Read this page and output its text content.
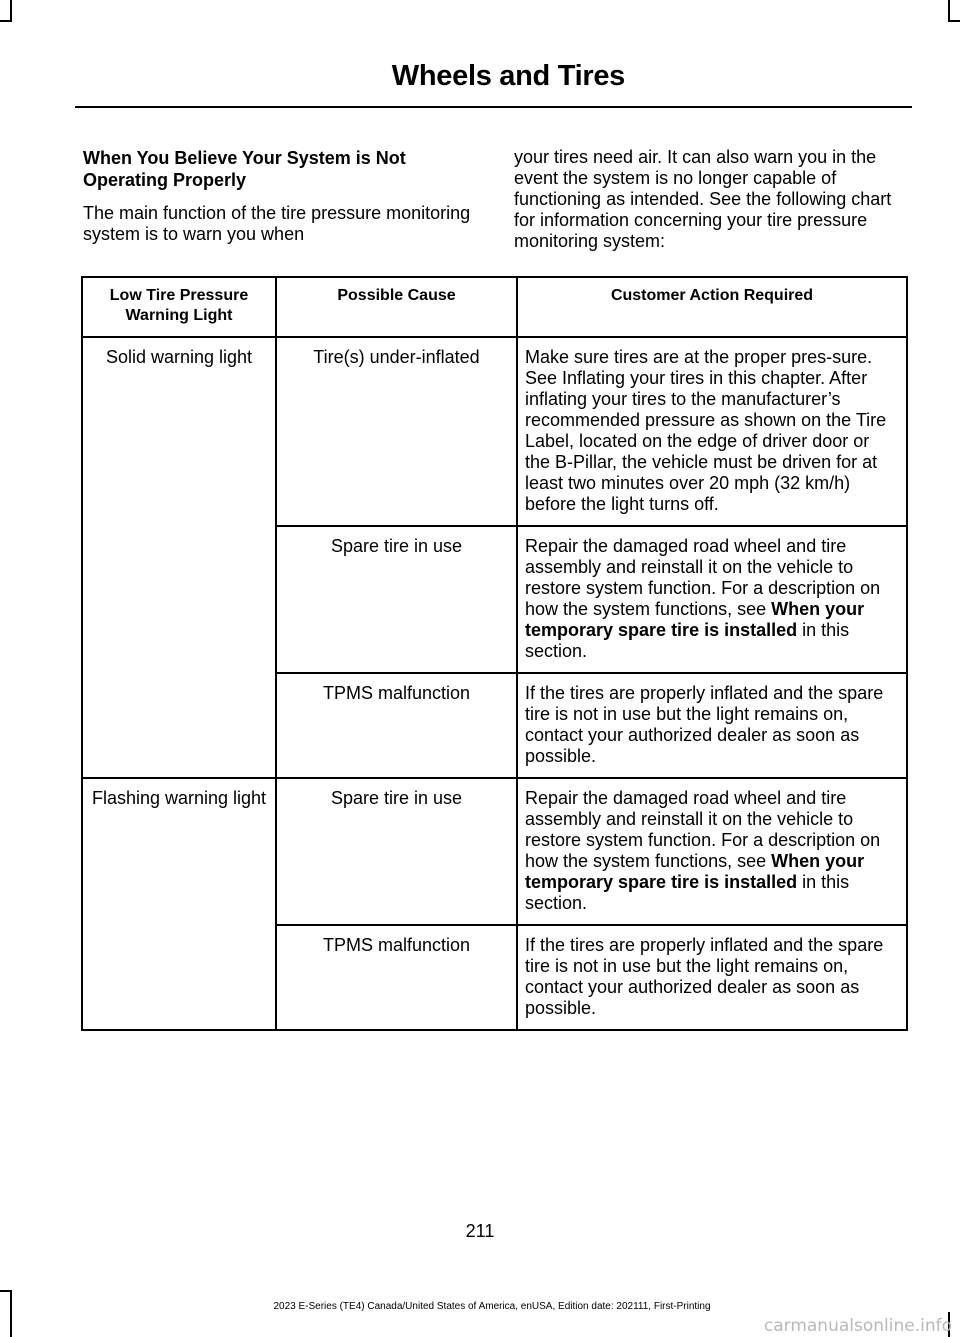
Wheels and Tires

When You Believe Your System is Not Operating Properly

The main function of the tire pressure monitoring system is to warn you when

your tires need air. It can also warn you in the event the system is no longer capable of functioning as intended. See the following chart for information concerning your tire pressure monitoring system:

Low Tire Pressure Warning Light	Possible Cause	Customer Action Required
Solid warning light	Tire(s) under-inflated	Make sure tires are at the proper pres-sure. See Inflating your tires in this chapter. After inflating your tires to the manufacturer’s recommended pressure as shown on the Tire Label, located on the edge of driver door or the B-Pillar, the vehicle must be driven for at least two minutes over 20 mph (32 km/h) before the light turns off.
	Spare tire in use	Repair the damaged road wheel and tire assembly and reinstall it on the vehicle to restore system function. For a description on how the system functions, see When your temporary spare tire is installed in this section.
	TPMS malfunction	If the tires are properly inflated and the spare tire is not in use but the light remains on, contact your authorized dealer as soon as possible.
Flashing warning light	Spare tire in use	Repair the damaged road wheel and tire assembly and reinstall it on the vehicle to restore system function. For a description on how the system functions, see When your temporary spare tire is installed in this section.
	TPMS malfunction	If the tires are properly inflated and the spare tire is not in use but the light remains on, contact your authorized dealer as soon as possible.
211
2023 E-Series (TE4) Canada/United States of America, enUSA, Edition date: 202111, First-Printing
carmanualsonline.info
